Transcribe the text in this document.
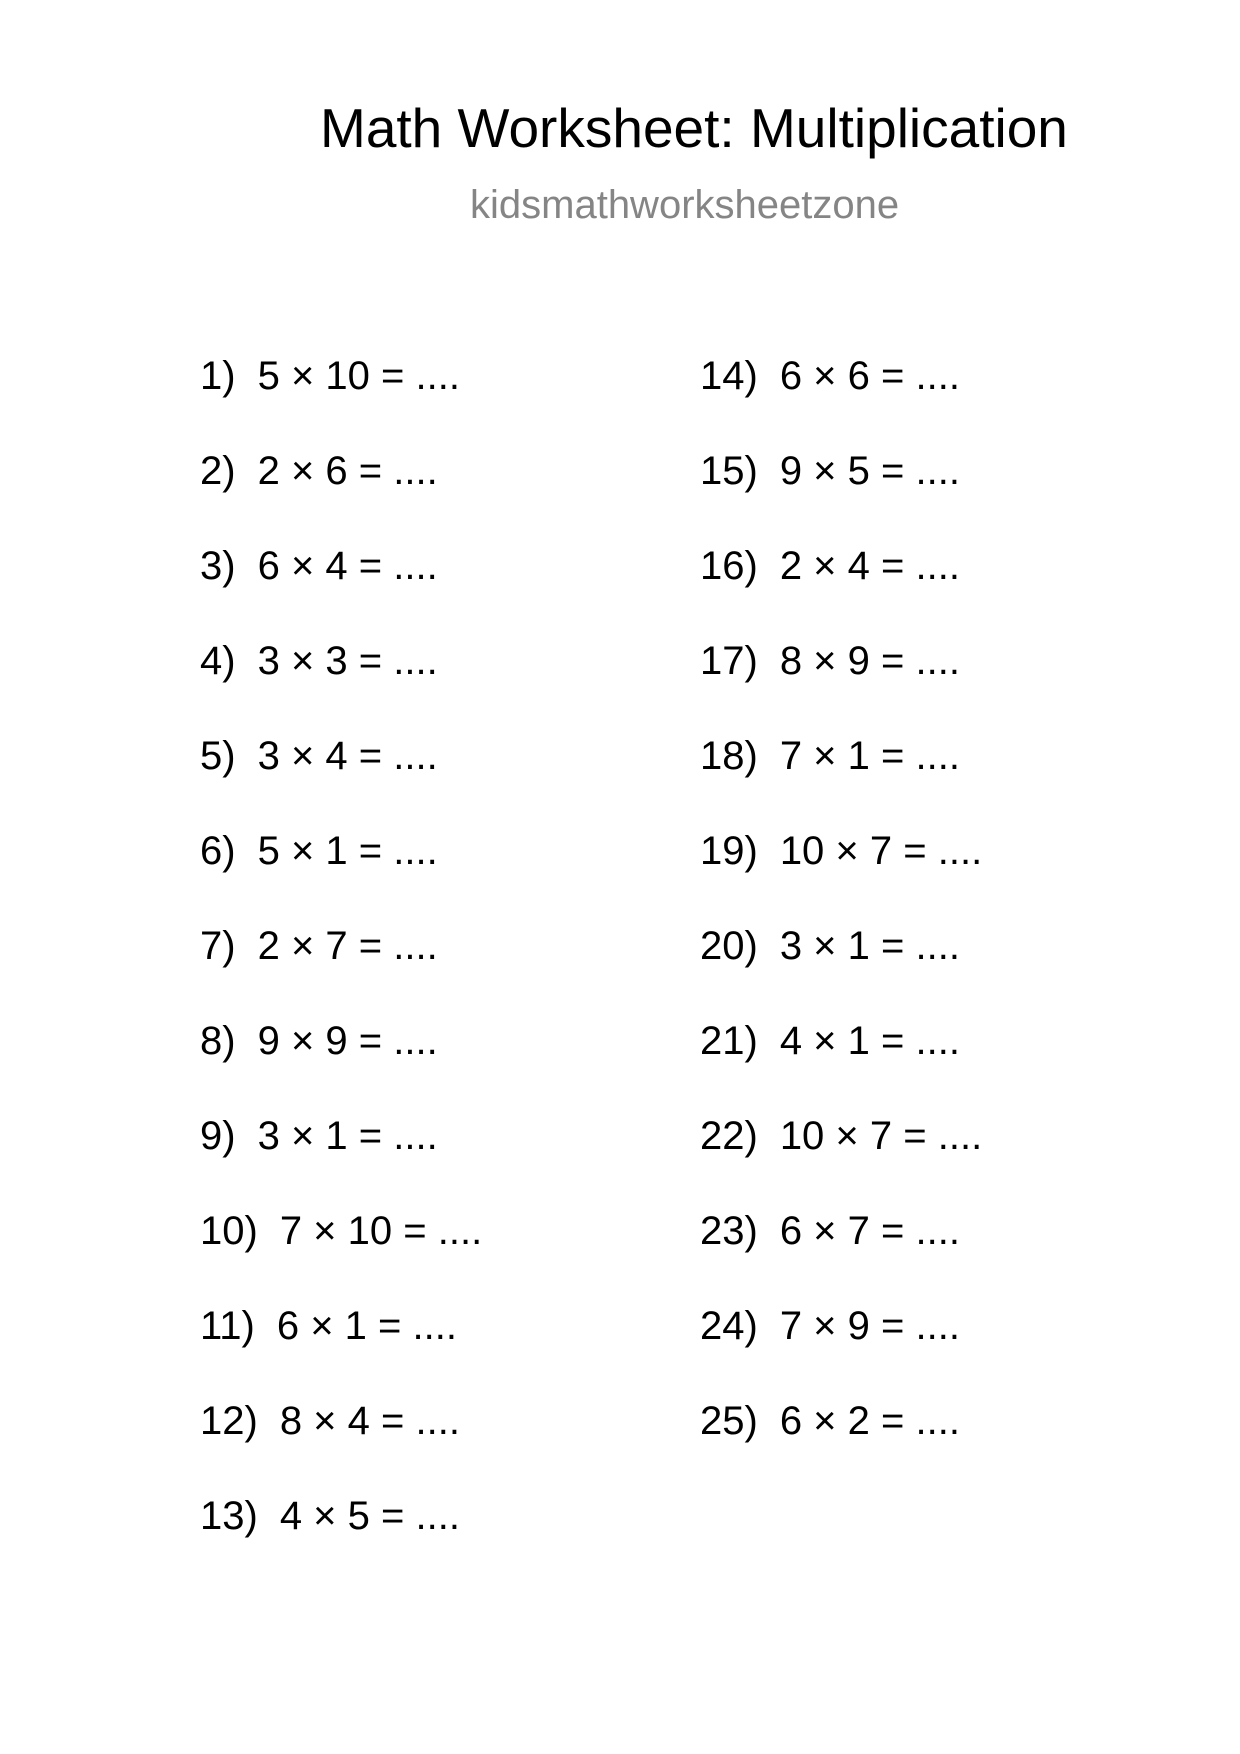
Math Worksheet: Multiplication
kidsmathworksheetzone
1) 5 × 10 = ....
2) 2 × 6 = ....
3) 6 × 4 = ....
4) 3 × 3 = ....
5) 3 × 4 = ....
6) 5 × 1 = ....
7) 2 × 7 = ....
8) 9 × 9 = ....
9) 3 × 1 = ....
10) 7 × 10 = ....
11) 6 × 1 = ....
12) 8 × 4 = ....
13) 4 × 5 = ....
14) 6 × 6 = ....
15) 9 × 5 = ....
16) 2 × 4 = ....
17) 8 × 9 = ....
18) 7 × 1 = ....
19) 10 × 7 = ....
20) 3 × 1 = ....
21) 4 × 1 = ....
22) 10 × 7 = ....
23) 6 × 7 = ....
24) 7 × 9 = ....
25) 6 × 2 = ....
